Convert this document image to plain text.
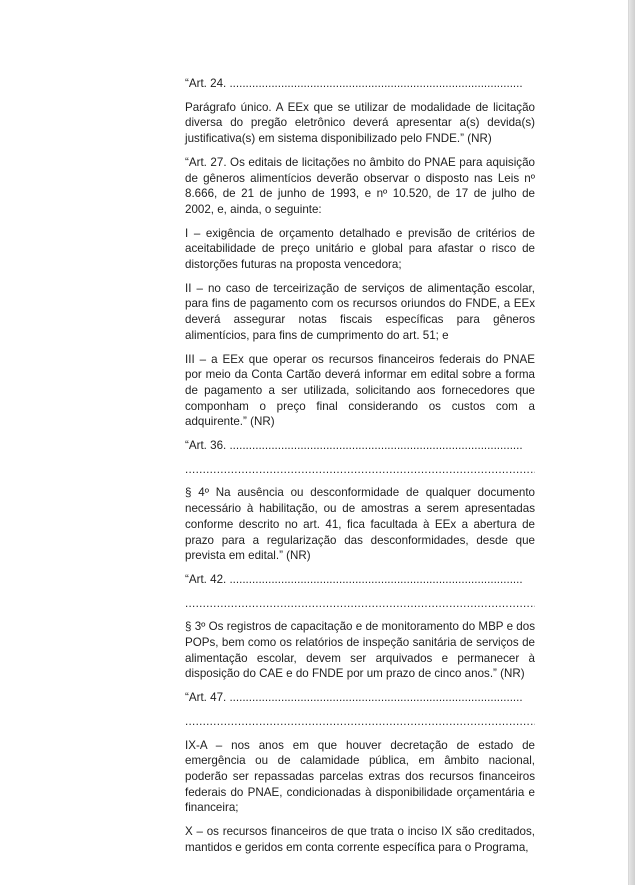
“Art. 24. ...........................................................................................

Parágrafo único. A EEx que se utilizar de modalidade de licitação diversa do pregão eletrônico deverá apresentar a(s) devida(s) justificativa(s) em sistema disponibilizado pelo FNDE.” (NR)

“Art. 27. Os editais de licitações no âmbito do PNAE para aquisição de gêneros alimentícios deverão observar o disposto nas Leis nº 8.666, de 21 de junho de 1993, e nº 10.520, de 17 de julho de 2002, e, ainda, o seguinte:

I – exigência de orçamento detalhado e previsão de critérios de aceitabilidade de preço unitário e global para afastar o risco de distorções futuras na proposta vencedora;

II – no caso de terceirização de serviços de alimentação escolar, para fins de pagamento com os recursos oriundos do FNDE, a EEx deverá assegurar notas fiscais específicas para gêneros alimentícios, para fins de cumprimento do art. 51; e

III – a EEx que operar os recursos financeiros federais do PNAE por meio da Conta Cartão deverá informar em edital sobre a forma de pagamento a ser utilizada, solicitando aos fornecedores que componham o preço final considerando os custos com a adquirente.” (NR)

“Art. 36. ...........................................................................................

.....

§ 4º Na ausência ou desconformidade de qualquer documento necessário à habilitação, ou de amostras a serem apresentadas conforme descrito no art. 41, fica facultada à EEx a abertura de prazo para a regularização das desconformidades, desde que prevista em edital.” (NR)

“Art. 42. ...........................................................................................

.....

§ 3º Os registros de capacitação e de monitoramento do MBP e dos POPs, bem como os relatórios de inspeção sanitária de serviços de alimentação escolar, devem ser arquivados e permanecer à disposição do CAE e do FNDE por um prazo de cinco anos.” (NR)

“Art. 47. ...........................................................................................

.....

IX-A – nos anos em que houver decretação de estado de emergência ou de calamidade pública, em âmbito nacional, poderão ser repassadas parcelas extras dos recursos financeiros federais do PNAE, condicionadas à disponibilidade orçamentária e financeira;

X – os recursos financeiros de que trata o inciso IX são creditados, mantidos e geridos em conta corrente específica para o Programa,
